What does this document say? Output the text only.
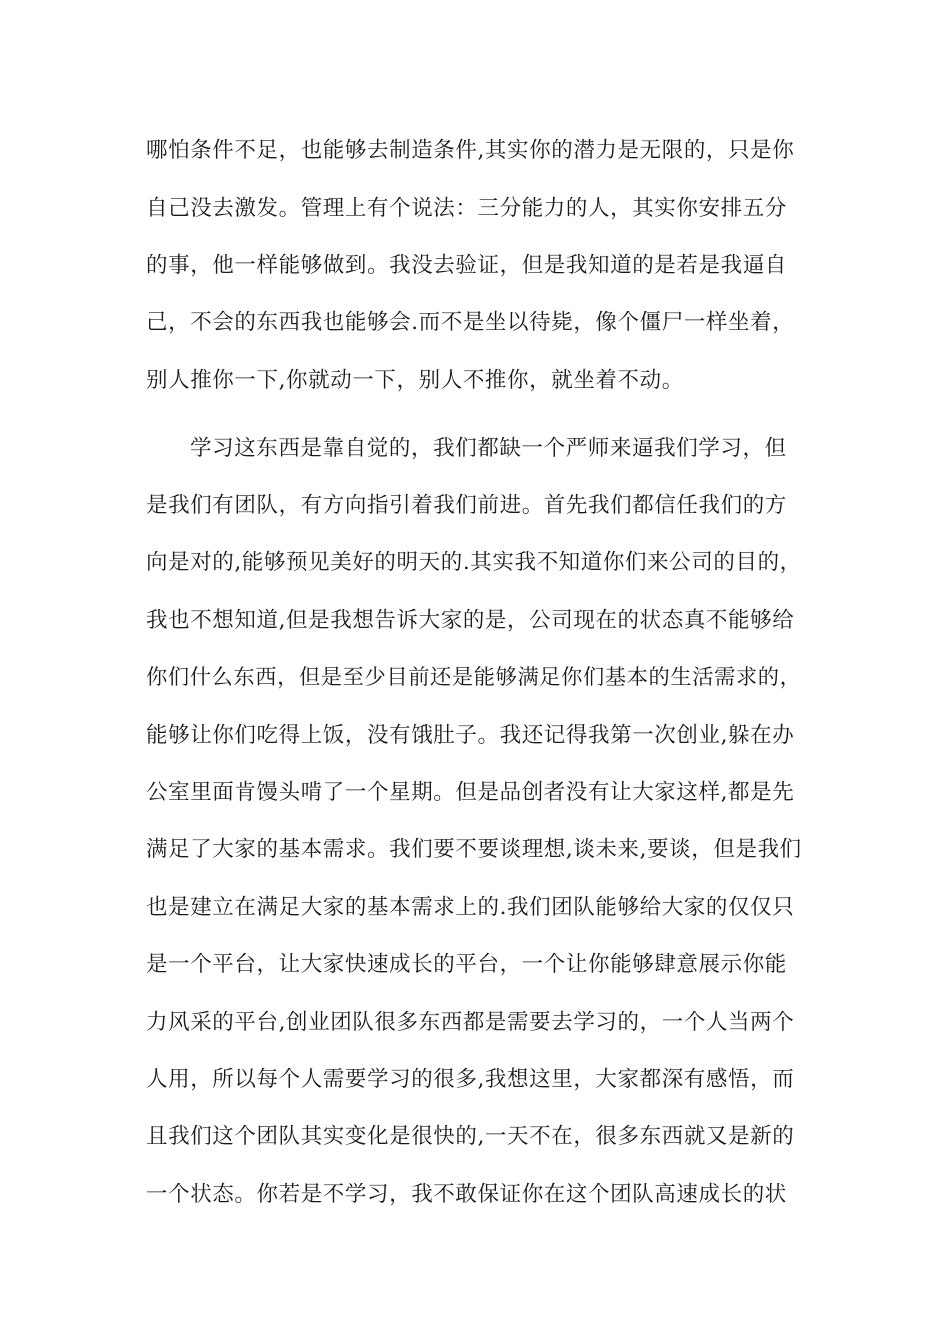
哪怕条件不足，也能够去制造条件,其实你的潜力是无限的，只是你
自己没去激发。管理上有个说法：三分能力的人，其实你安排五分
的事，他一样能够做到。我没去验证，但是我知道的是若是我逼自
己，不会的东西我也能够会.而不是坐以待毙，像个僵尸一样坐着，
别人推你一下,你就动一下，别人不推你，就坐着不动。
学习这东西是靠自觉的，我们都缺一个严师来逼我们学习，但
是我们有团队，有方向指引着我们前进。首先我们都信任我们的方
向是对的,能够预见美好的明天的.其实我不知道你们来公司的目的，
我也不想知道,但是我想告诉大家的是，公司现在的状态真不能够给
你们什么东西，但是至少目前还是能够满足你们基本的生活需求的，
能够让你们吃得上饭，没有饿肚子。我还记得我第一次创业,躲在办
公室里面肯馒头啃了一个星期。但是品创者没有让大家这样,都是先
满足了大家的基本需求。我们要不要谈理想,谈未来,要谈，但是我们
也是建立在满足大家的基本需求上的.我们团队能够给大家的仅仅只
是一个平台，让大家快速成长的平台，一个让你能够肆意展示你能
力风采的平台,创业团队很多东西都是需要去学习的，一个人当两个
人用，所以每个人需要学习的很多,我想这里，大家都深有感悟，而
且我们这个团队其实变化是很快的,一天不在，很多东西就又是新的
一个状态。你若是不学习，我不敢保证你在这个团队高速成长的状
